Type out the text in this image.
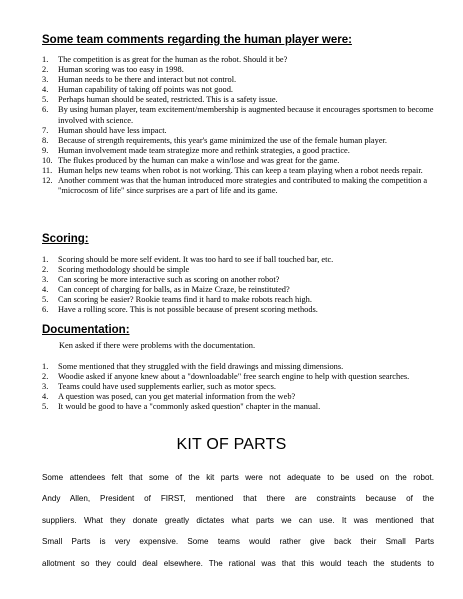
Some team comments regarding the human player were:
1.	The competition is as great for the human as the robot. Should it be?
2.	Human scoring was too easy in 1998.
3.	Human needs to be there and interact but not control.
4.	Human capability of taking off points was not good.
5.	Perhaps human should be seated, restricted. This is a safety issue.
6.	By using human player, team excitement/membership is augmented because it encourages sportsmen to become involved with science.
7.	Human should have less impact.
8.	Because of strength requirements, this year's game minimized the use of the female human player.
9.	Human involvement made team strategize more and rethink strategies, a good practice.
10. The flukes produced by the human can make a win/lose and was great for the game.
11. Human helps new teams when robot is not working. This can keep a team playing when a robot needs repair.
12. Another comment was that the human introduced more strategies and contributed to making the competition a "microcosm of life" since surprises are a part of life and its game.
Scoring:
1.	Scoring should be more self evident. It was too hard to see if ball touched bar, etc.
2.	Scoring methodology should be simple
3.	Can scoring be more interactive such as scoring on another robot?
4.	Can concept of charging for balls, as in Maize Craze, be reinstituted?
5.	Can scoring be easier? Rookie teams find it hard to make robots reach high.
6.	Have a rolling score. This is not possible because of present scoring methods.
Documentation:
Ken asked if there were problems with the documentation.
1.	Some mentioned that they struggled with the field drawings and missing dimensions.
2.	Woodie asked if anyone knew about a "downloadable" free search engine to help with question searches.
3.	Teams could have used supplements earlier, such as motor specs.
4.	A question was posed, can you get material information from the web?
5.	It would be good to have a "commonly asked question" chapter in the manual.
KIT OF PARTS
Some attendees felt that some of the kit parts were not adequate to be used on the robot.
Andy Allen, President of FIRST, mentioned that there are constraints because of the
suppliers. What they donate greatly dictates what parts we can use. It was mentioned that
Small Parts is very expensive. Some teams would rather give back their Small Parts
allotment so they could deal elsewhere. The rational was that this would teach the students to
